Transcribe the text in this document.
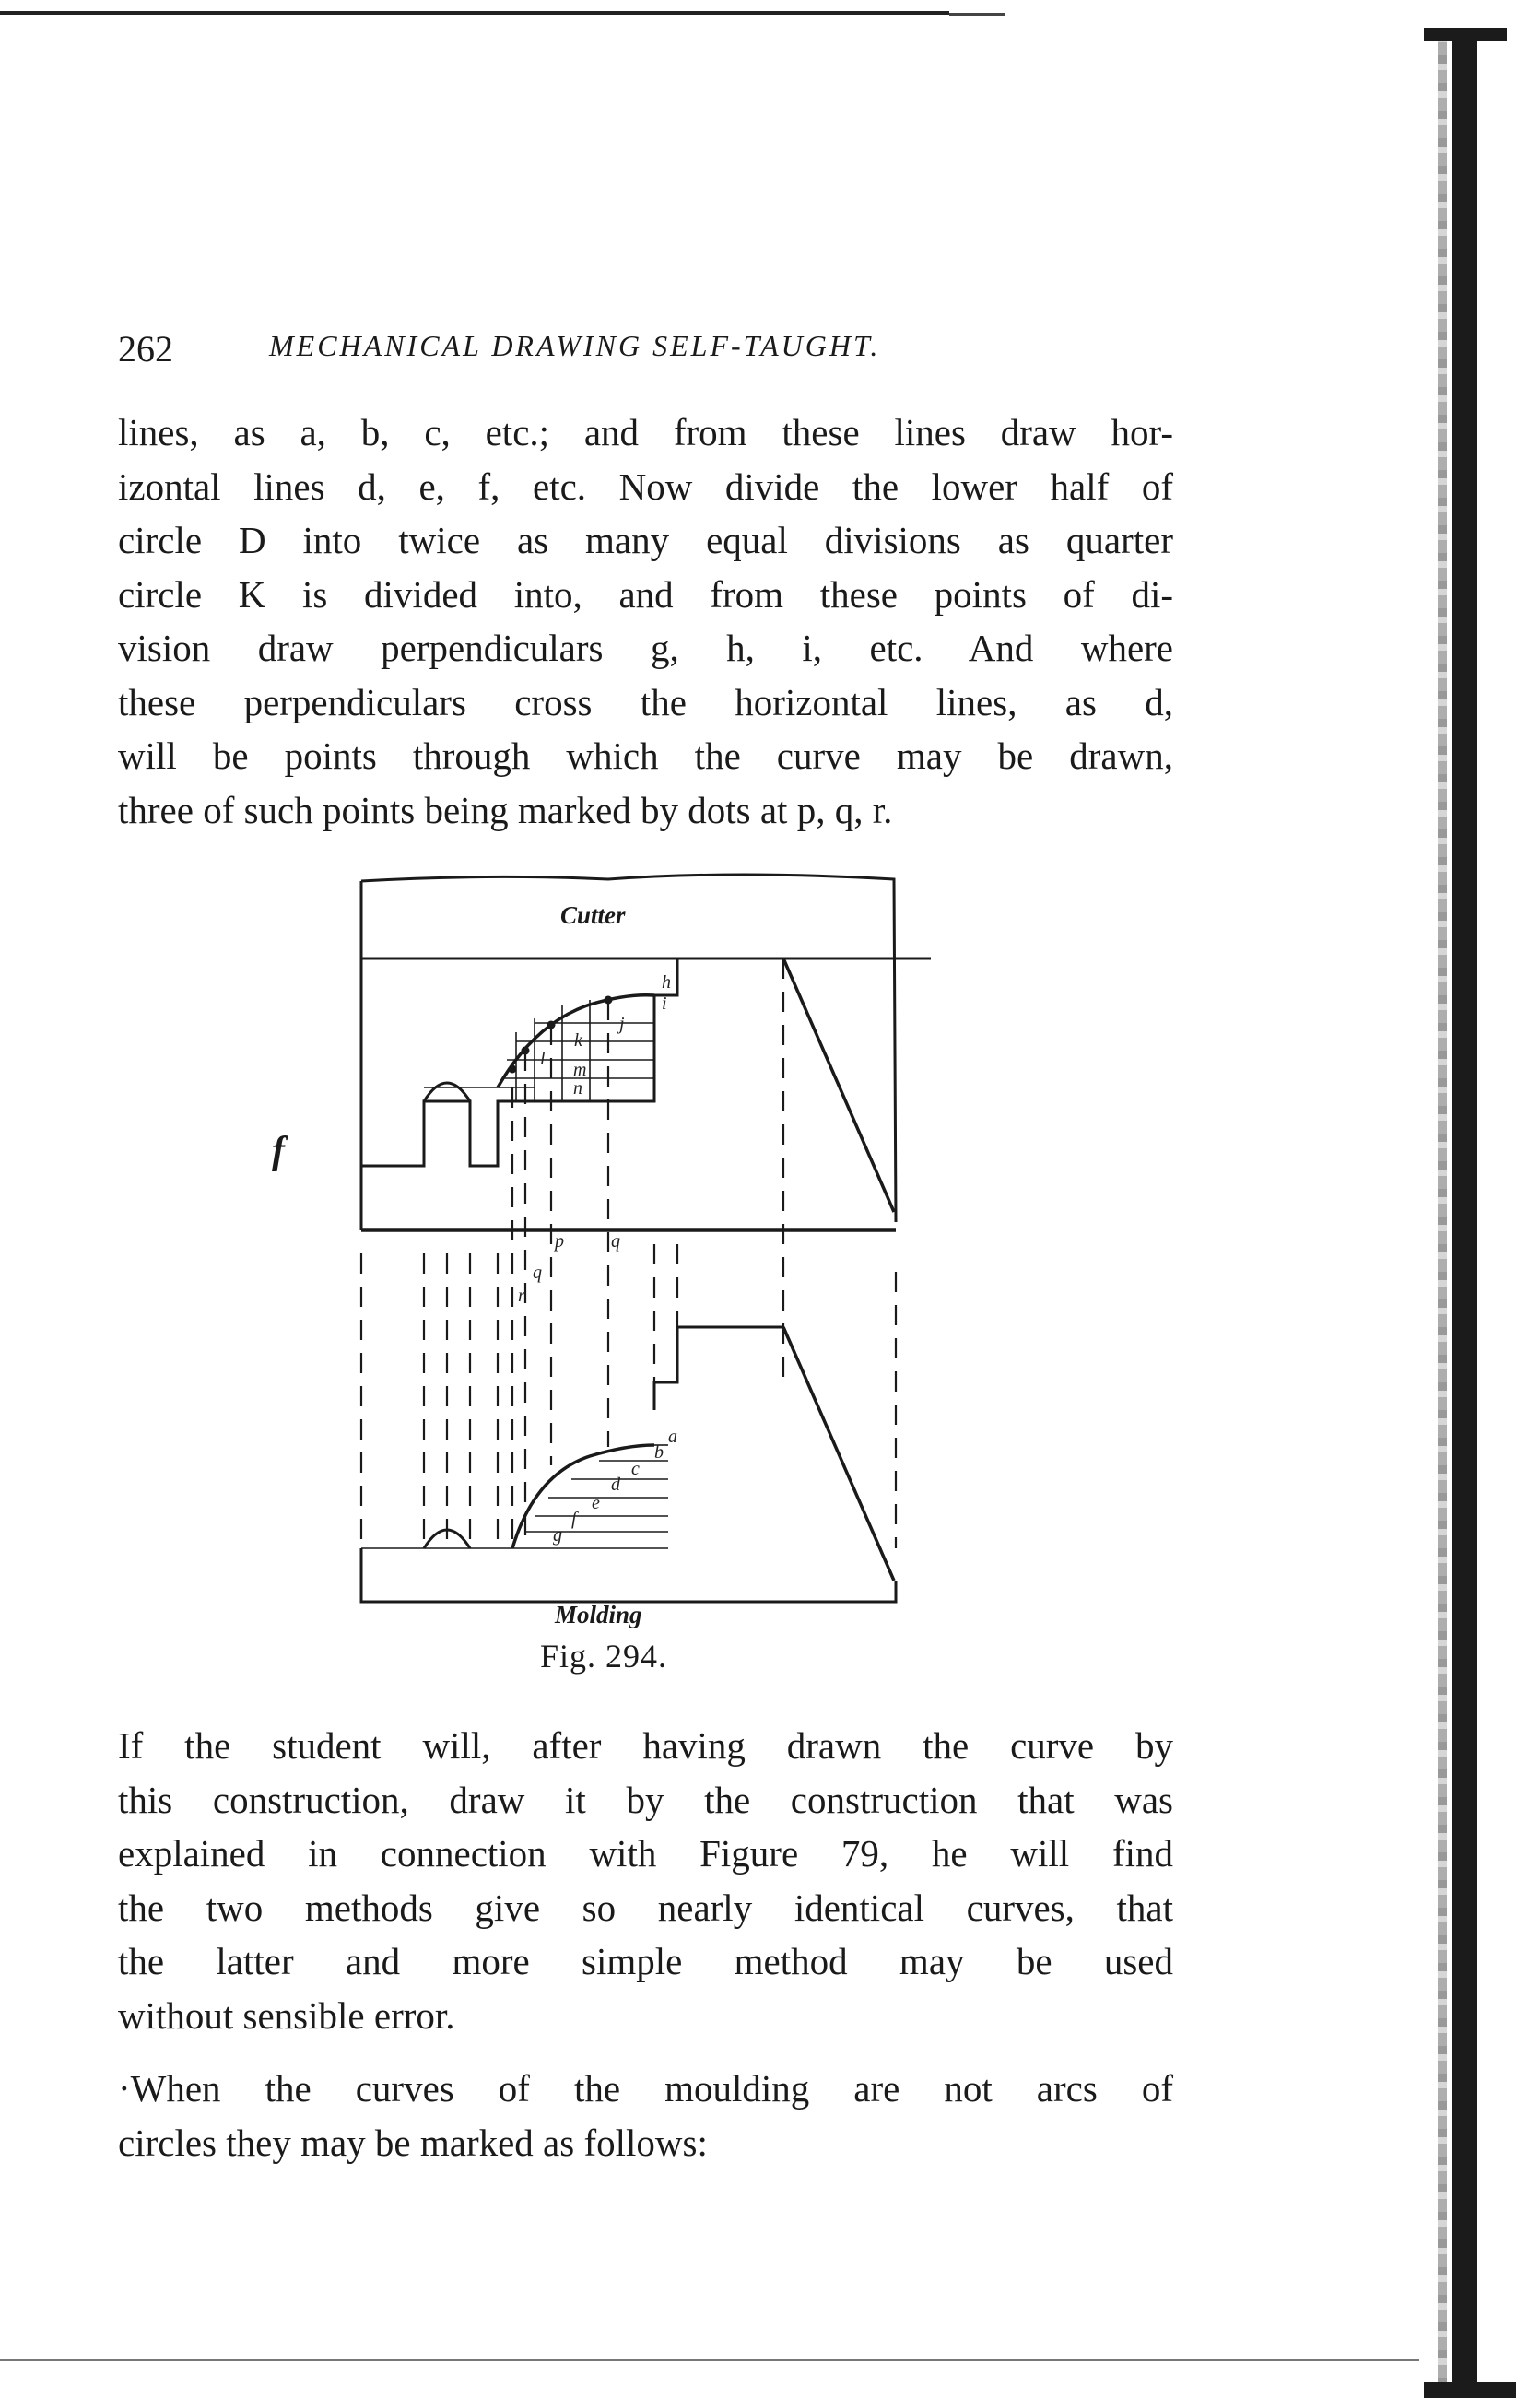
262	MECHANICAL DRAWING SELF-TAUGHT.

lines, as a, b, c, etc.; and from these lines draw hor-
izontal lines d, e, f, etc. Now divide the lower half of
circle D into twice as many equal divisions as quarter
circle K is divided into, and from these points of di-
vision draw perpendiculars g, h, i, etc. And where
these perpendiculars cross the horizontal lines, as d,
will be points through which the curve may be drawn,
three of such points being marked by dots at p, q, r.

f
Cutter
Molding
Fig. 294.
h
i
j
k
l
m
n
p	q
q
r
a
b
c
d
e
f
g

If the student will, after having drawn the curve by
this construction, draw it by the construction that was
explained in connection with Figure 79, he will find
the two methods give so nearly identical curves, that
the latter and more simple method may be used
without sensible error.

·When the curves of the moulding are not arcs of
circles they may be marked as follows:
